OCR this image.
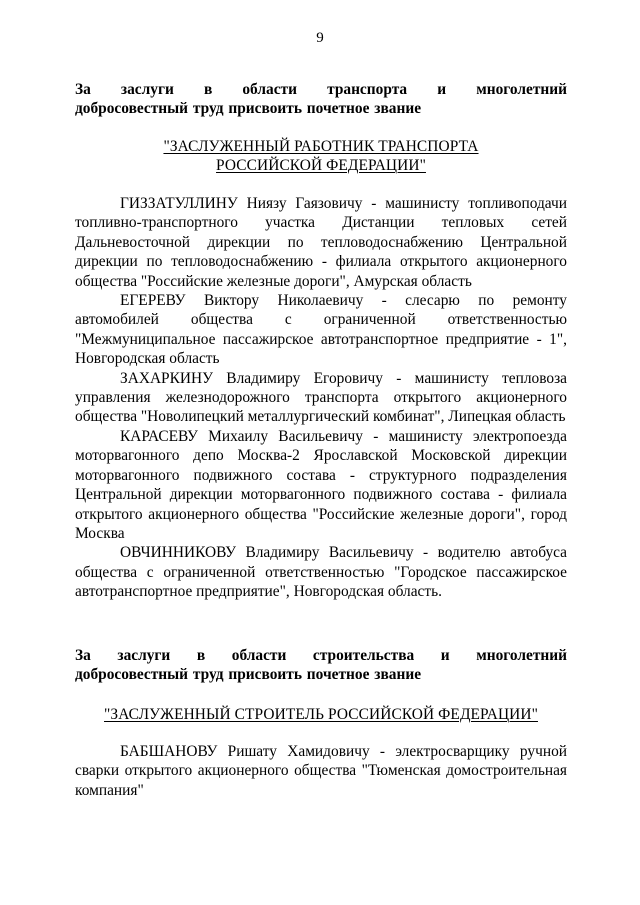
9
За заслуги в области транспорта и многолетний
добросовестный труд присвоить почетное звание
"ЗАСЛУЖЕННЫЙ РАБОТНИК ТРАНСПОРТА
РОССИЙСКОЙ ФЕДЕРАЦИИ"

ГИЗЗАТУЛЛИНУ Ниязу Гаязовичу - машинисту топливоподачи топливно-транспортного участка Дистанции тепловых сетей Дальневосточной дирекции по тепловодоснабжению Центральной дирекции по тепловодоснабжению - филиала открытого акционерного общества "Российские железные дороги", Амурская область

ЕГЕРЕВУ Виктору Николаевичу - слесарю по ремонту автомобилей общества с ограниченной ответственностью "Межмуниципальное пассажирское автотранспортное предприятие - 1", Новгородская область

ЗАХАРКИНУ Владимиру Егоровичу - машинисту тепловоза управления железнодорожного транспорта открытого акционерного общества "Новолипецкий металлургический комбинат", Липецкая область

КАРАСЕВУ Михаилу Васильевичу - машинисту электропоезда моторвагонного депо Москва-2 Ярославской Московской дирекции моторвагонного подвижного состава - структурного подразделения Центральной дирекции моторвагонного подвижного состава - филиала открытого акционерного общества "Российские железные дороги", город Москва

ОВЧИННИКОВУ Владимиру Васильевичу - водителю автобуса общества с ограниченной ответственностью "Городское пассажирское автотранспортное предприятие", Новгородская область.

За заслуги в области строительства и многолетний
добросовестный труд присвоить почетное звание
"ЗАСЛУЖЕННЫЙ СТРОИТЕЛЬ РОССИЙСКОЙ ФЕДЕРАЦИИ"

БАБШАНОВУ Ришату Хамидовичу - электросварщику ручной сварки открытого акционерного общества "Тюменская домостроительная компания"
